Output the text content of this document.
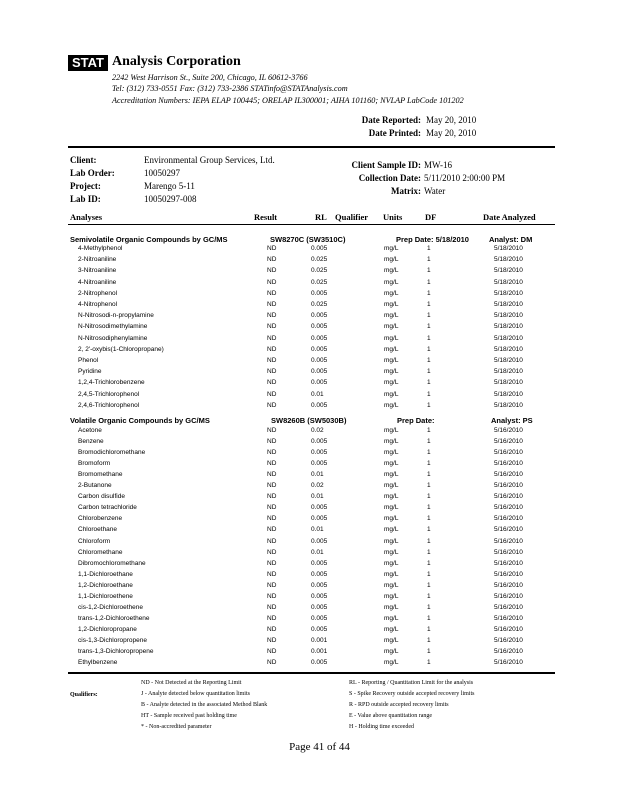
STAT Analysis Corporation
2242 West Harrison St., Suite 200, Chicago, IL 60612-3766
Tel: (312) 733-0551 Fax: (312) 733-2386 STATinfo@STATAnalysis.com
Accreditation Numbers: IEPA ELAP 100445; ORELAP IL300001; AIHA 101160; NVLAP LabCode 101202
Date Reported: May 20, 2010
Date Printed: May 20, 2010
Client:	Environmental Group Services, Ltd.
Lab Order:	10050297
Project:	Marengo 5-11
Lab ID:	10050297-008
Client Sample ID: MW-16
Collection Date: 5/11/2010 2:00:00 PM
Matrix: Water
Analyses	Result	RL Qualifier Units	DF	Date Analyzed
Semivolatile Organic Compounds by GC/MS	SW8270C (SW3510C)	Prep Date: 5/18/2010	Analyst: DM
4-Methylphenol	ND	0.005	mg/L	1	5/18/2010
2-Nitroaniline	ND	0.025	mg/L	1	5/18/2010
3-Nitroaniline	ND	0.025	mg/L	1	5/18/2010
4-Nitroaniline	ND	0.025	mg/L	1	5/18/2010
2-Nitrophenol	ND	0.005	mg/L	1	5/18/2010
4-Nitrophenol	ND	0.025	mg/L	1	5/18/2010
N-Nitrosodi-n-propylamine	ND	0.005	mg/L	1	5/18/2010
N-Nitrosodimethylamine	ND	0.005	mg/L	1	5/18/2010
N-Nitrosodiphenylamine	ND	0.005	mg/L	1	5/18/2010
2, 2'-oxybis(1-Chloropropane)	ND	0.005	mg/L	1	5/18/2010
Phenol	ND	0.005	mg/L	1	5/18/2010
Pyridine	ND	0.005	mg/L	1	5/18/2010
1,2,4-Trichlorobenzene	ND	0.005	mg/L	1	5/18/2010
2,4,5-Trichlorophenol	ND	0.01	mg/L	1	5/18/2010
2,4,6-Trichlorophenol	ND	0.005	mg/L	1	5/18/2010
Volatile Organic Compounds by GC/MS	SW8260B (SW5030B)	Prep Date:	Analyst: PS
Acetone	ND	0.02	mg/L	1	5/16/2010
Benzene	ND	0.005	mg/L	1	5/16/2010
Bromodichloromethane	ND	0.005	mg/L	1	5/16/2010
Bromoform	ND	0.005	mg/L	1	5/16/2010
Bromomethane	ND	0.01	mg/L	1	5/16/2010
2-Butanone	ND	0.02	mg/L	1	5/16/2010
Carbon disulfide	ND	0.01	mg/L	1	5/16/2010
Carbon tetrachloride	ND	0.005	mg/L	1	5/16/2010
Chlorobenzene	ND	0.005	mg/L	1	5/16/2010
Chloroethane	ND	0.01	mg/L	1	5/16/2010
Chloroform	ND	0.005	mg/L	1	5/16/2010
Chloromethane	ND	0.01	mg/L	1	5/16/2010
Dibromochloromethane	ND	0.005	mg/L	1	5/16/2010
1,1-Dichloroethane	ND	0.005	mg/L	1	5/16/2010
1,2-Dichloroethane	ND	0.005	mg/L	1	5/16/2010
1,1-Dichloroethene	ND	0.005	mg/L	1	5/16/2010
cis-1,2-Dichloroethene	ND	0.005	mg/L	1	5/16/2010
trans-1,2-Dichloroethene	ND	0.005	mg/L	1	5/16/2010
1,2-Dichloropropane	ND	0.005	mg/L	1	5/16/2010
cis-1,3-Dichloropropene	ND	0.001	mg/L	1	5/16/2010
trans-1,3-Dichloropropene	ND	0.001	mg/L	1	5/16/2010
Ethylbenzene	ND	0.005	mg/L	1	5/16/2010
Qualifiers:
ND - Not Detected at the Reporting Limit
J - Analyte detected below quantitation limits
B - Analyte detected in the associated Method Blank
HT - Sample received past holding time
* - Non-accredited parameter
RL - Reporting / Quantitation Limit for the analysis
S - Spike Recovery outside accepted recovery limits
R - RPD outside accepted recovery limits
E - Value above quantitation range
H - Holding time exceeded
Page 41 of 44
